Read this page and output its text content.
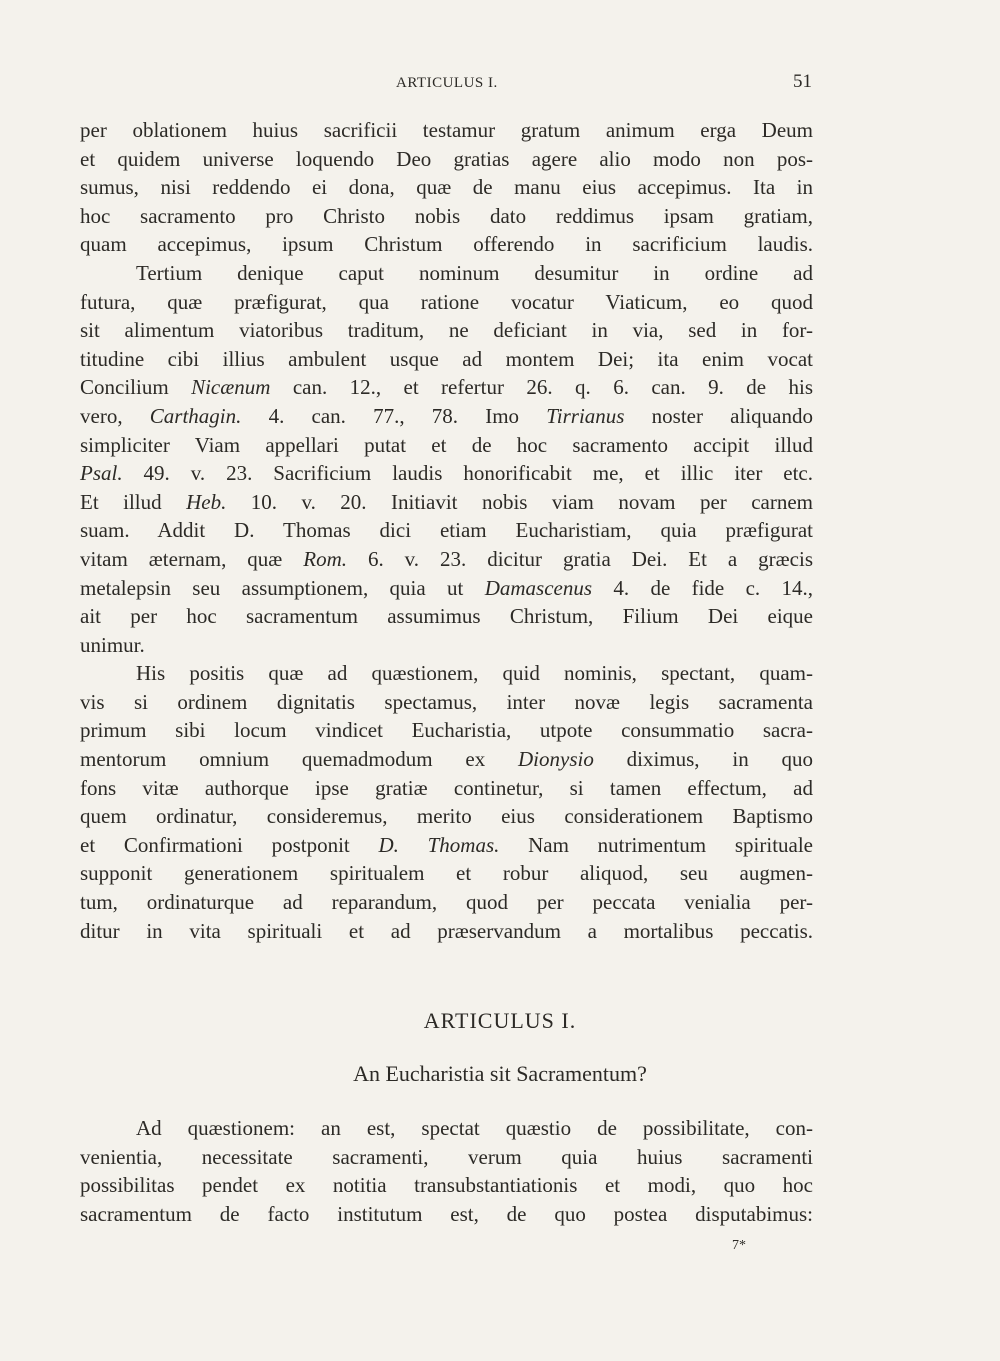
ARTICULUS I.	51
per oblationem huius sacrificii testamur gratum animum erga Deum
et quidem universe loquendo Deo gratias agere alio modo non pos-
sumus, nisi reddendo ei dona, quæ de manu eius accepimus. Ita in
hoc sacramento pro Christo nobis dato reddimus ipsam gratiam,
quam accepimus, ipsum Christum offerendo in sacrificium laudis.
Tertium denique caput nominum desumitur in ordine ad
futura, quæ præfigurat, qua ratione vocatur Viaticum, eo quod
sit alimentum viatoribus traditum, ne deficiant in via, sed in for-
titudine cibi illius ambulent usque ad montem Dei; ita enim vocat
Concilium Nicænum can. 12., et refertur 26. q. 6. can. 9. de his
vero, Carthagin. 4. can. 77., 78. Imo Tirrianus noster aliquando
simpliciter Viam appellari putat et de hoc sacramento accipit illud
Psal. 49. v. 23. Sacrificium laudis honorificabit me, et illic iter etc.
Et illud Heb. 10. v. 20. Initiavit nobis viam novam per carnem
suam. Addit D. Thomas dici etiam Eucharistiam, quia præfigurat
vitam æternam, quæ Rom. 6. v. 23. dicitur gratia Dei. Et a græcis
metalepsin seu assumptionem, quia ut Damascenus 4. de fide c. 14.,
ait per hoc sacramentum assumimus Christum, Filium Dei eique
unimur.
His positis quæ ad quæstionem, quid nominis, spectant, quam-
vis si ordinem dignitatis spectamus, inter novæ legis sacramenta
primum sibi locum vindicet Eucharistia, utpote consummatio sacra-
mentorum omnium quemadmodum ex Dionysio diximus, in quo
fons vitæ authorque ipse gratiæ continetur, si tamen effectum, ad
quem ordinatur, consideremus, merito eius considerationem Baptismo
et Confirmationi postponit D. Thomas. Nam nutrimentum spirituale
supponit generationem spiritualem et robur aliquod, seu augmen-
tum, ordinaturque ad reparandum, quod per peccata venialia per-
ditur in vita spirituali et ad præservandum a mortalibus peccatis.
ARTICULUS I.
An Eucharistia sit Sacramentum?
Ad quæstionem: an est, spectat quæstio de possibilitate, con-
venientia, necessitate sacramenti, verum quia huius sacramenti
possibilitas pendet ex notitia transubstantiationis et modi, quo hoc
sacramentum de facto institutum est, de quo postea disputabimus:
7*
